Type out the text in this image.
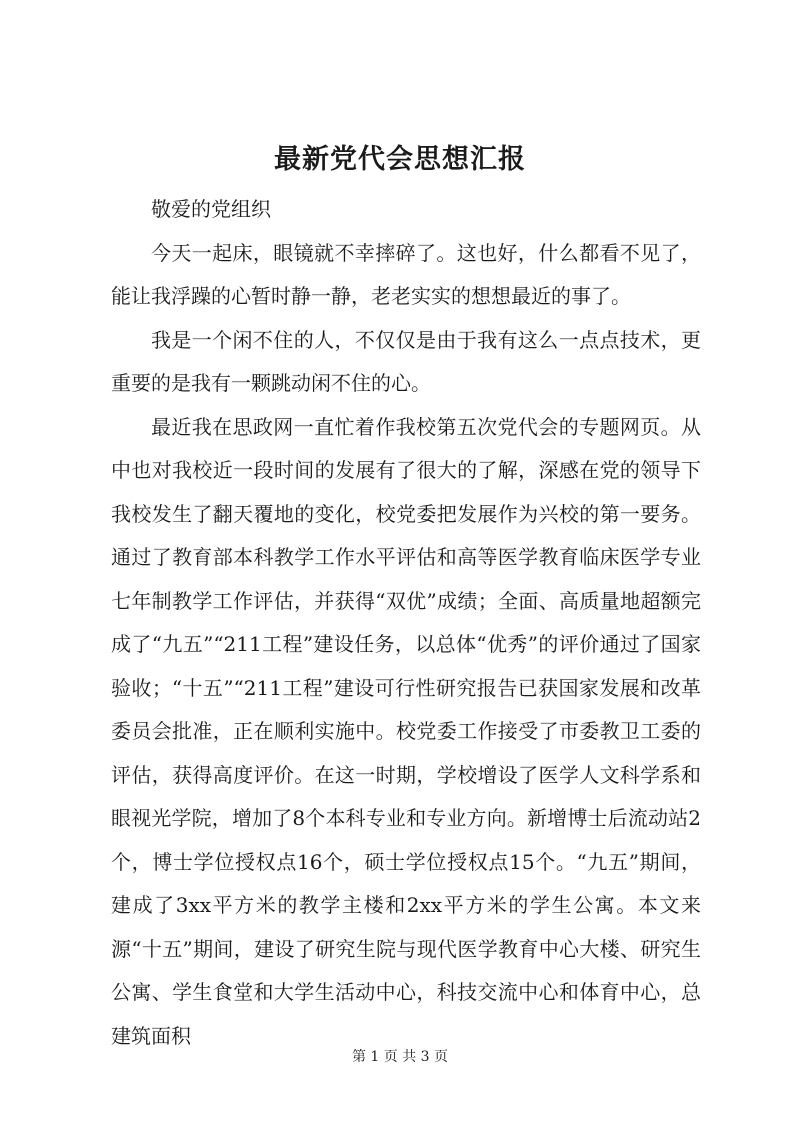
最新党代会思想汇报

敬爱的党组织

今天一起床，眼镜就不幸摔碎了。这也好，什么都看不见了，能让我浮躁的心暂时静一静，老老实实的想想最近的事了。

我是一个闲不住的人，不仅仅是由于我有这么一点点技术，更重要的是我有一颗跳动闲不住的心。

最近我在思政网一直忙着作我校第五次党代会的专题网页。从中也对我校近一段时间的发展有了很大的了解，深感在党的领导下我校发生了翻天覆地的变化，校党委把发展作为兴校的第一要务。通过了教育部本科教学工作水平评估和高等医学教育临床医学专业七年制教学工作评估，并获得“双优”成绩；全面、高质量地超额完成了“九五”“211工程”建设任务，以总体“优秀”的评价通过了国家验收；“十五”“211工程”建设可行性研究报告已获国家发展和改革委员会批准，正在顺利实施中。校党委工作接受了市委教卫工委的评估，获得高度评价。在这一时期，学校增设了医学人文科学系和眼视光学院，增加了8个本科专业和专业方向。新增博士后流动站2个，博士学位授权点16个，硕士学位授权点15个。“九五”期间，建成了3xx平方米的教学主楼和2xx平方米的学生公寓。本文来源“十五”期间，建设了研究生院与现代医学教育中心大楼、研究生公寓、学生食堂和大学生活动中心，科技交流中心和体育中心，总建筑面积

第 1 页 共 3 页
